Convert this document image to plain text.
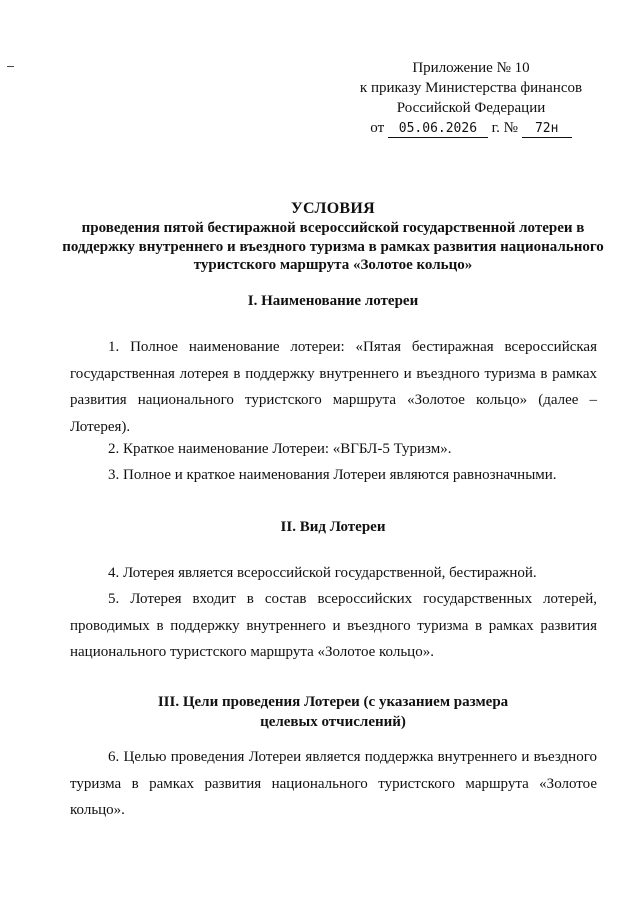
Приложение № 10
к приказу Министерства финансов
Российской Федерации
от 05.06.2026 г. № 72н
УСЛОВИЯ
проведения пятой бестиражной всероссийской государственной лотереи в поддержку внутреннего и въездного туризма в рамках развития национального туристского маршрута «Золотое кольцо»
I. Наименование лотереи
1. Полное наименование лотереи: «Пятая бестиражная всероссийская государственная лотерея в поддержку внутреннего и въездного туризма в рамках развития национального туристского маршрута «Золотое кольцо» (далее – Лотерея).
2. Краткое наименование Лотереи: «ВГБЛ-5 Туризм».
3. Полное и краткое наименования Лотереи являются равнозначными.
II. Вид Лотереи
4. Лотерея является всероссийской государственной, бестиражной.
5. Лотерея входит в состав всероссийских государственных лотерей, проводимых в поддержку внутреннего и въездного туризма в рамках развития национального туристского маршрута «Золотое кольцо».
III. Цели проведения Лотереи (с указанием размера
целевых отчислений)
6. Целью проведения Лотереи является поддержка внутреннего и въездного туризма в рамках развития национального туристского маршрута «Золотое кольцо».
